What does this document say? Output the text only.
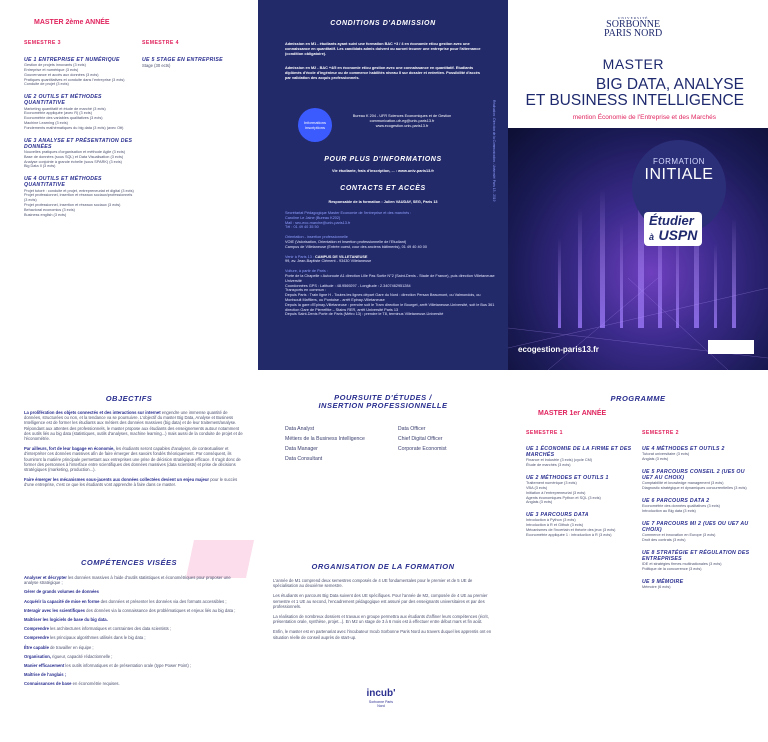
MASTER 2ème ANNÉE
SEMESTRE 3
UE 1 ENTREPRISE ET NUMÉRIQUE
Gestion de projets innovants (3 ects)
Entreprise et numérique (3 ects)
Gouvernance et accès aux données (3 ects)
Pratiques quantitatives et conduite dans l'entreprise (3 ects)
Conduite de projet (3 ects)
UE 2 OUTILS ET MÉTHODES QUANTITATIVE
Marketing quantitatif et étude de marché (3 ects)
Econométrie appliquée (avec R) (3 ects)
Econométrie des variables qualitatives (3 ects)
Machine Learning (3 ects)
Fondements mathématiques du big data (3 ects) (avec Ott)
UE 3 ANALYSE ET PRÉSENTATION DES DONNÉES
Nouvelles pratiques d'organisation et méthode Agile (3 ects)
Base de données (sous SQL) et Data Visualisation (3 ects)
Analyse conjointe à grande échelle (sous SPARK) (3 ects)
Big Data II (3 ects)
UE 4 OUTILS ET MÉTHODES QUANTITATIVE
Projet tutoré : conduite et projet, entrepreneuriat et digital (3 ects)
Projet professionnel, insertion et réseaux sociaux/professionnels (3 ects)
Projet professionnel, insertion et réseaux sociaux (3 ects)
Behavioral economics (3 ects)
Business english (3 ects)
SEMESTRE 4
UE 5 STAGE EN ENTREPRISE
Stage (30 ects)
CONDITIONS D'ADMISSION
Admission en M1 - étudiants ayant suivi une formation BAC +3 / 4 en économie et/ou gestion avec une connaissance en quantitatif. Les candidats admis doivent ou auront trouver une entreprise pour l'alternance (condition obligatoire).
Admission en M2 - BAC +4/5 en économie et/ou gestion avec une connaissance en quantitatif. Etudiants diplômés d'école d'ingénieur ou de commerce habilités niveau II sur dossier et entretien. Possibilité d'accès par validation des acquis professionnels.
Informations inscriptions
Bureau K 204 - UFR Sciences Economiques et de Gestion
communication-ufr-eg@univ-paris13.fr
www.ecogestion.univ-paris13.fr
POUR PLUS D'INFORMATIONS
Vie étudiante, frais d'inscription, ... : www.univ-paris13.fr
CONTACTS ET ACCÈS
Responsable de la formation : Julien VAUDAY, SEG, Paris 13
Secrétariat Pédagogique Master Economie de l'entreprise et des marchés :
Caroline Le Jaine (Bureau K202)
Mail : sec-eco-marche@univ-paris13.fr
Tél : 01 49 40 35 50
Orientation - insertion professionnelle
VOIE (Valorisation, Orientation et Insertion professionnelle de l'Etudiant)
Campus de Villetaneuse (Entrée ouest, cour des anciens bâtiments), 01 49 40 40 00
Venir à Paris 13 : CAMPUS DE VILLETANEUSE
99, av. Jean-Baptiste Clément - 93430 Villetaneuse
Voiture, à partir de Paris :
Porte de la Chapelle • Autoroute A1 direction Lille Pas Sortie N°2 (Saint-Denis - Stade de France), puis direction Villetaneuse Université
Coordonnées GPS : Latitude : 48.9569297 - Longitude : 2.3407462951284
Transports en commun :
Depuis Paris : Train ligne H - Toutes les lignes départ Gare du Nord : direction Persan Beaumont, ou Valmondois, ou Montsoult Maffliers, ou Pontoise - arrêt Epinay-Villetaneuse
Depuis la gare d'Epinay-Villetaneuse : prendre soit le Tram direction le Bourget, arrêt Villetaneuse-Université, soit le Bus 361 direction Gare de Pierrefitte – Stains RER, arrêt Université Paris 13
Depuis Saint-Denis Porte de Paris (Métro 13) : prendre le T8, terminus Villetaneuse-Université
Réalisation : Direction de la Communication - Université Paris 13 - 2019
UNIVERSITÉ
SORBONNE
PARIS NORD
MASTER
BIG DATA, ANALYSE
ET BUSINESS INTELLIGENCE
mention Économie de l'Entreprise et des Marchés
FORMATION
INITIALE
Étudier
à USPN
ecogestion-paris13.fr
OBJECTIFS

La prolifération des objets connectés et des interactions sur internet engendre une immense quantité de données, structurées ou non, et la tendance va se poursuivre. L'objectif du master Big Data, Analyse et Business Intelligence est de former les étudiants aux métiers des données massives (big data) et de leur traitement/analyse. Répondant aux attentes des professionnels, le master propose aux étudiants des enseignements autour notamment des outils liés au big data (statistiques, outils d'analyses, machine learning...) mais aussi de la conduite de projet et de l'économétrie.

Par ailleurs, fort de leur bagage en économie, les étudiants seront capables d'analyser, de contextualiser et d'interpréter ces données massives afin de faire émerger des savoirs fondés théoriquement. Par conséquent, ils fourniront la matière principale permettant aux entreprises une prise de décision stratégique efficace. Il s'agit donc de former des personnes à l'interface entre scientifiques des données massives (data scientists) et prise de décisions stratégiques (marketing, production...).

Faire émerger les mécanismes sous-jacents aux données collectées devient un enjeu majeur pour le succès d'une entreprise, c'est ce que les étudiants vont apprendre à faire dans ce master.

COMPÉTENCES VISÉES
Analyser et décrypter les données massives à l'aide d'outils statistiques et économétriques pour proposer une analyse stratégique ;
Gérer de grands volumes de données
Acquérir la capacité de mise en forme des données et présenter les données via des formats accessibles ;
Interagir avec les scientifiques des données via la connaissance des problématiques et enjeux liés au big data ;
Maîtriser les logiciels de base du big data.
Comprendre les architectures informatiques et contraintes des data scientists ;
Comprendre les principaux algorithmes utilisés dans le big data ;
Être capable de travailler en équipe ;
Organisation, rigueur, capacité rédactionnelle ;
Manier efficacement les outils informatiques et de présentation orale (type Power Point) ;
Maîtrise de l'anglais ;
Connaissances de base en économétrie requises.
POURSUITE D'ÉTUDES /
INSERTION PROFESSIONNELLE
Data Analyst
Métiers de la Business Intelligence
Data Manager
Data Consultant
Data Officer
Chief Digital Officer
Corporate Economist
ORGANISATION DE LA FORMATION

L'année de M1 comprend deux semestres composés de 4 UE fondamentales pour le premier et de 5 UE de spécialisation au deuxième semestre.

Les étudiants en parcours Big Data suivent des UE spécifiques. Pour l'année de M2, composée de 4 UE au premier semestre et 1 UE au second, l'encadrement pédagogique est assuré par des enseignants universitaires et par des professionnels.

La réalisation de nombreux dossiers et travaux en groupe permettra aux étudiants d'affiner leurs compétences (écrit, présentation orale, synthèse, projet...). En M2 un stage de 3 à 6 mois est à effectuer entre début mars et fin août.

Enfin, le master est en partenariat avec l'incubateur Incub Sorbonne Paris Nord au travers duquel les apprentis ont en situation réelle de conseil auprès de start-up.

incub'
Sorbonne Paris Nord
PROGRAMME
MASTER 1er ANNÉE
SEMESTRE 1
UE 1 ÉCONOMIE DE LA FIRME ET DES MARCHÉS
Finance et industrie (3 ects) (cycle CM)
Étude de marchés (3 ects)
UE 2 MÉTHODES ET OUTILS 1
Traitement numérique (3 ects)
VBA (3 ects)
Initiation à l'entrepreneuriat (3 ects)
Agents économiques Python et SQL (3 ects)
Anglais (3 ects)
UE 3 PARCOURS DATA
Introduction à Python (3 ects)
Introduction à R et Github (3 ects)
Mécanismes de l'incertain et théorie des jeux (3 ects)
Econométrie appliquée 1 : introduction à R (3 ects)
SEMESTRE 2
UE 4 MÉTHODES ET OUTILS 2
Tutorat universitaire (3 ects)
Anglais (3 ects)
UE 5 PARCOURS CONSEIL 2 (UE5 OU UE7 AU CHOIX)
Comptabilité et knowledge management (3 ects)
Diagnostic stratégique et dynamiques concurrentielles (3 ects)
UE 6 PARCOURS DATA 2
Econométrie des données qualitatives (3 ects)
Introduction au Big data (3 ects)
UE 7 PARCOURS MI 2 (UE5 OU UE7 AU CHOIX)
Commerce et innovation en Europe (3 ects)
Droit des contrats (3 ects)
UE 8 STRATÉGIE ET RÉGULATION DES ENTREPRISES
IDE et stratégies firmes multinationales (3 ects)
Politique de la concurrence (3 ects)
UE 9 MÉMOIRE
Mémoire (6 ects)
